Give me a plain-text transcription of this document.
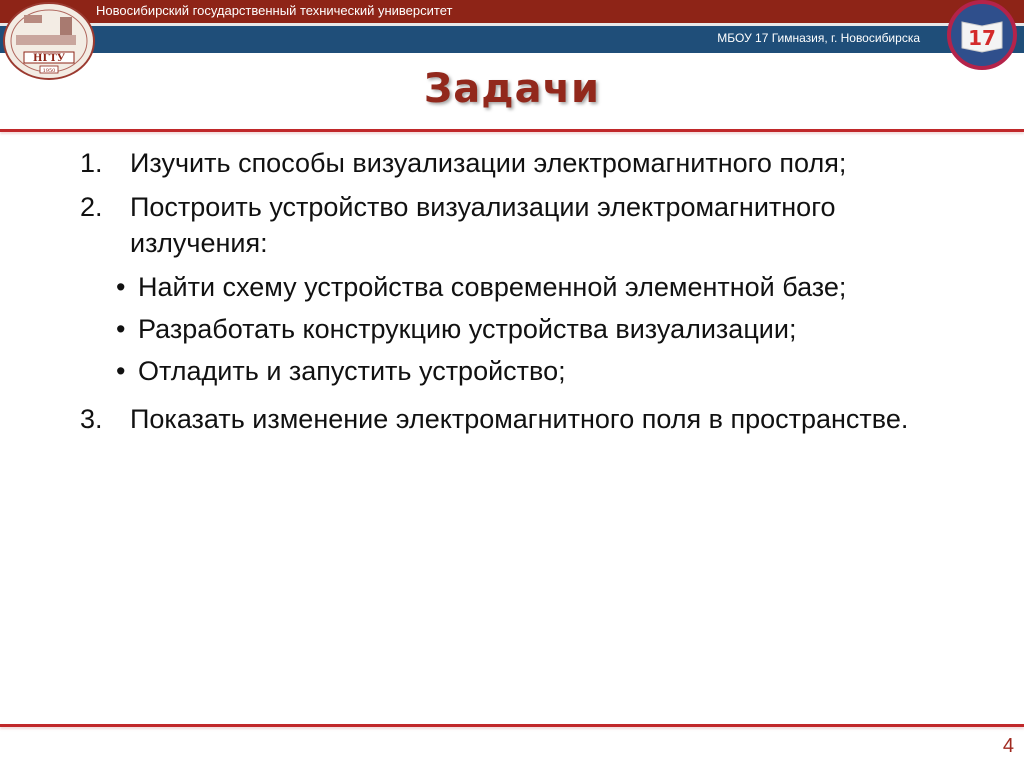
Новосибирский государственный технический университет
МБОУ 17 Гимназия, г. Новосибирска
НГТУ
1950
17
Задачи
1. Изучить способы визуализации электромагнитного поля;
2. Построить устройство визуализации электромагнитного излучения:
• Найти схему устройства современной элементной базе;
• Разработать конструкцию устройства визуализации;
• Отладить и запустить устройство;
3. Показать изменение электромагнитного поля в пространстве.
4
